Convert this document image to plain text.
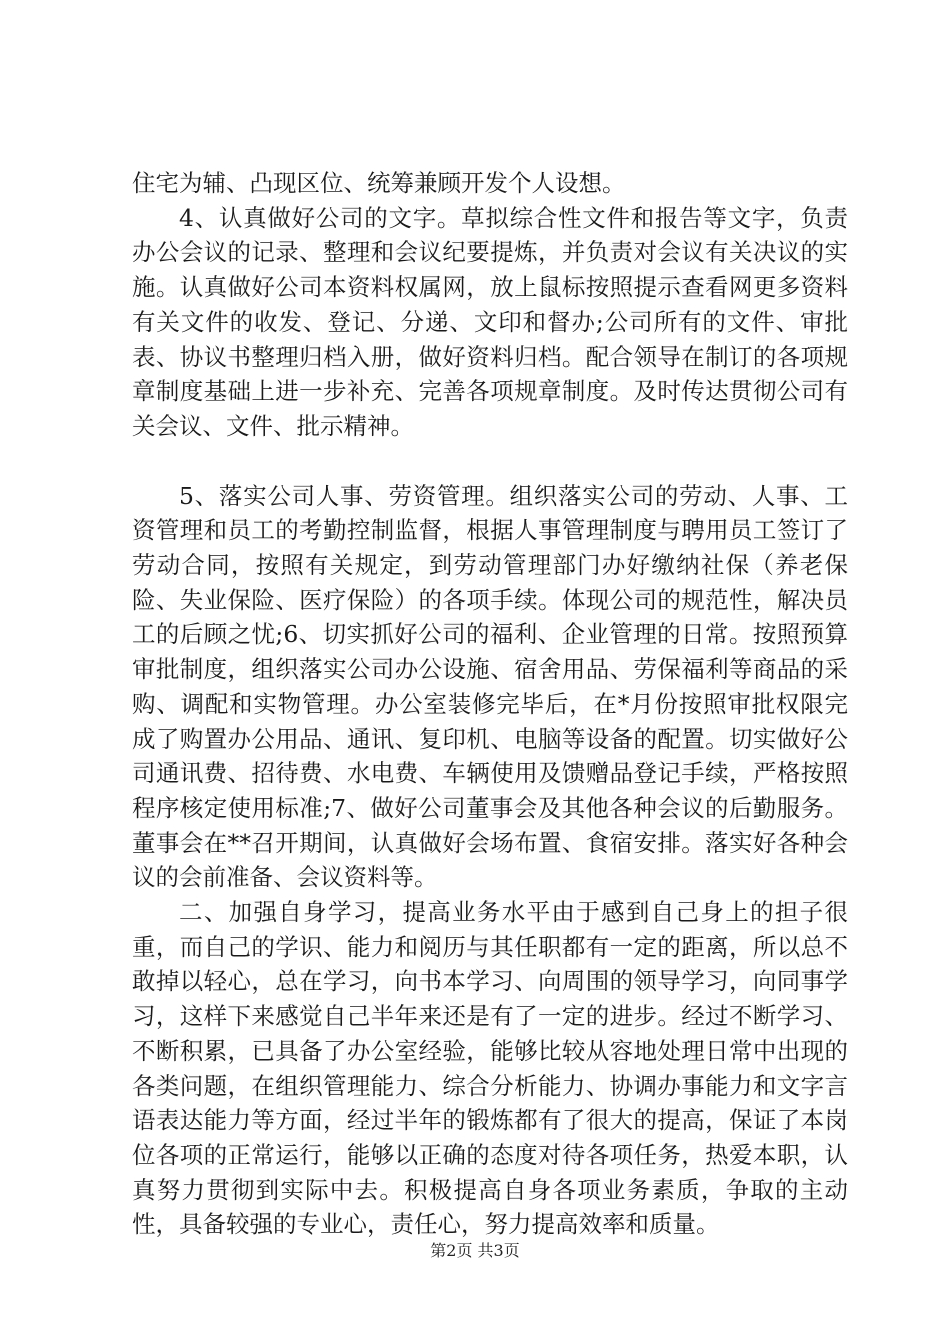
住宅为辅、凸现区位、统筹兼顾开发个人设想。

4、认真做好公司的文字。草拟综合性文件和报告等文字，负责办公会议的记录、整理和会议纪要提炼，并负责对会议有关决议的实施。认真做好公司本资料权属网，放上鼠标按照提示查看网更多资料有关文件的收发、登记、分递、文印和督办;公司所有的文件、审批表、协议书整理归档入册，做好资料归档。配合领导在制订的各项规章制度基础上进一步补充、完善各项规章制度。及时传达贯彻公司有关会议、文件、批示精神。

5、落实公司人事、劳资管理。组织落实公司的劳动、人事、工资管理和员工的考勤控制监督，根据人事管理制度与聘用员工签订了劳动合同，按照有关规定，到劳动管理部门办好缴纳社保（养老保险、失业保险、医疗保险）的各项手续。体现公司的规范性，解决员工的后顾之忧;6、切实抓好公司的福利、企业管理的日常。按照预算审批制度，组织落实公司办公设施、宿舍用品、劳保福利等商品的采购、调配和实物管理。办公室装修完毕后，在*月份按照审批权限完成了购置办公用品、通讯、复印机、电脑等设备的配置。切实做好公司通讯费、招待费、水电费、车辆使用及馈赠品登记手续，严格按照程序核定使用标准;7、做好公司董事会及其他各种会议的后勤服务。董事会在**召开期间，认真做好会场布置、食宿安排。落实好各种会议的会前准备、会议资料等。

二、加强自身学习，提高业务水平由于感到自己身上的担子很重，而自己的学识、能力和阅历与其任职都有一定的距离，所以总不敢掉以轻心，总在学习，向书本学习、向周围的领导学习，向同事学习，这样下来感觉自己半年来还是有了一定的进步。经过不断学习、不断积累，已具备了办公室经验，能够比较从容地处理日常中出现的各类问题，在组织管理能力、综合分析能力、协调办事能力和文字言语表达能力等方面，经过半年的锻炼都有了很大的提高，保证了本岗位各项的正常运行，能够以正确的态度对待各项任务，热爱本职，认真努力贯彻到实际中去。积极提高自身各项业务素质，争取的主动性，具备较强的专业心，责任心，努力提高效率和质量。

第2页 共3页
